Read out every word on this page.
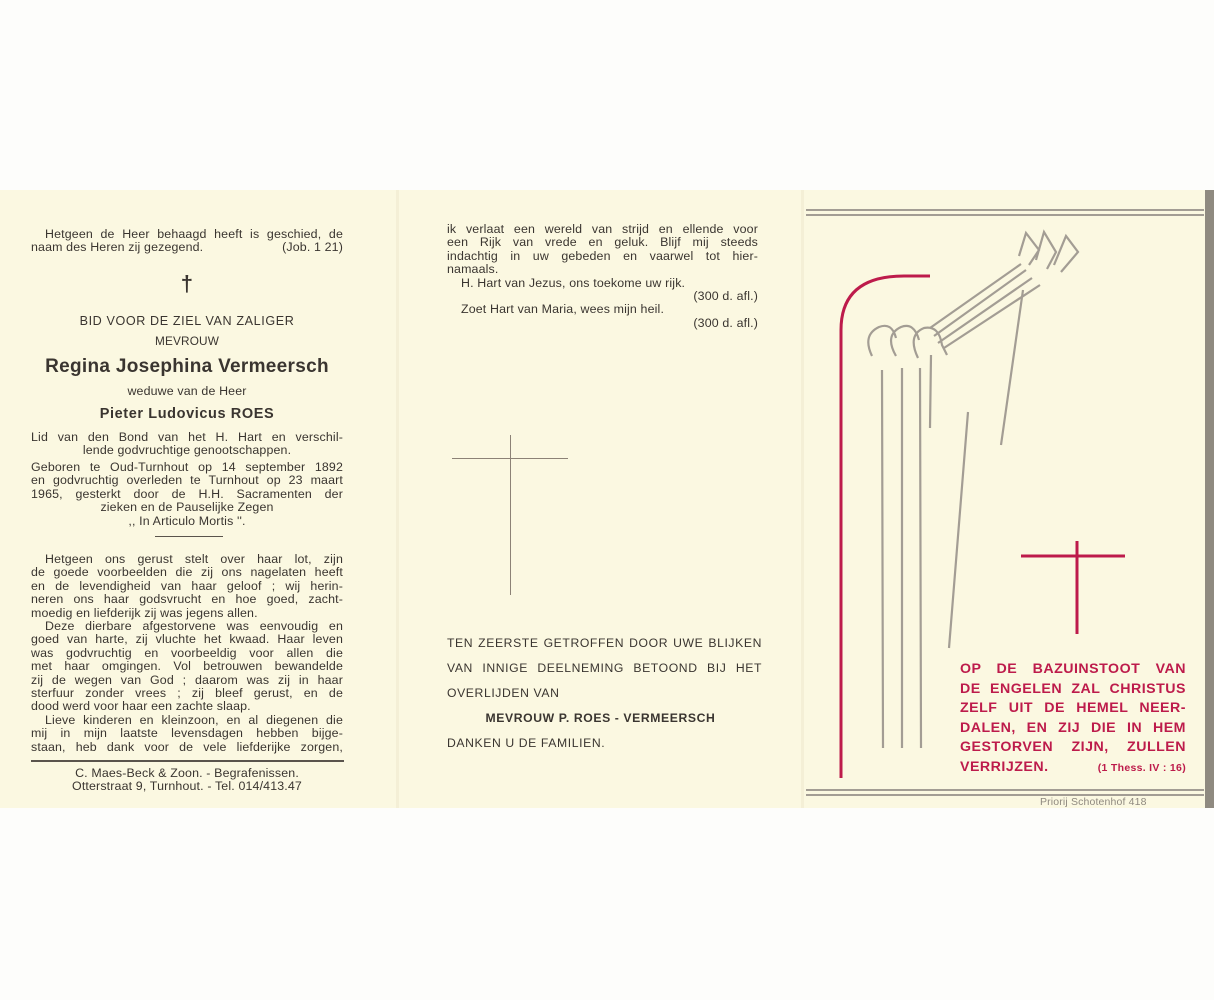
Hetgeen de Heer behaagd heeft is geschied, de
naam des Heren zij gezegend.	(Job. 1 21)
†
BID VOOR DE ZIEL VAN ZALIGER
MEVROUW
Regina Josephina Vermeersch
weduwe van de Heer
Pieter Ludovicus ROES
Lid van den Bond van het H. Hart en verschil-
lende godvruchtige genootschappen.
Geboren te Oud-Turnhout op 14 september 1892
en godvruchtig overleden te Turnhout op 23 maart
1965, gesterkt door de H.H. Sacramenten der
zieken en de Pauselijke Zegen
,, In Articulo Mortis ''.
Hetgeen ons gerust stelt over haar lot, zijn
de goede voorbeelden die zij ons nagelaten heeft
en de levendigheid van haar geloof ; wij herin-
neren ons haar godsvrucht en hoe goed, zacht-
moedig en liefderijk zij was jegens allen.
Deze dierbare afgestorvene was eenvoudig en
goed van harte, zij vluchte het kwaad. Haar leven
was godvruchtig en voorbeeldig voor allen die
met haar omgingen. Vol betrouwen bewandelde
zij de wegen van God ; daarom was zij in haar
sterfuur zonder vrees ; zij bleef gerust, en de
dood werd voor haar een zachte slaap.
Lieve kinderen en kleinzoon, en al diegenen die
mij in mijn laatste levensdagen hebben bijge-
staan, heb dank voor de vele liefderijke zorgen,
C. Maes-Beck & Zoon. - Begrafenissen.
Otterstraat 9, Turnhout. - Tel. 014/413.47
ik verlaat een wereld van strijd en ellende voor
een Rijk van vrede en geluk. Blijf mij steeds
indachtig in uw gebeden en vaarwel tot hier-
namaals.
H. Hart van Jezus, ons toekome uw rijk.
(300 d. afl.)
Zoet Hart van Maria, wees mijn heil.
(300 d. afl.)
TEN ZEERSTE GETROFFEN DOOR UWE BLIJKEN
VAN INNIGE DEELNEMING BETOOND BIJ HET
OVERLIJDEN VAN
MEVROUW P. ROES - VERMEERSCH
DANKEN U DE FAMILIEN.
OP DE BAZUINSTOOT VAN
DE ENGELEN ZAL CHRISTUS
ZELF UIT DE HEMEL NEER-
DALEN, EN ZIJ DIE IN HEM
GESTORVEN ZIJN, ZULLEN
VERRIJZEN.	(1 Thess. IV : 16)
Priorij Schotenhof 418
